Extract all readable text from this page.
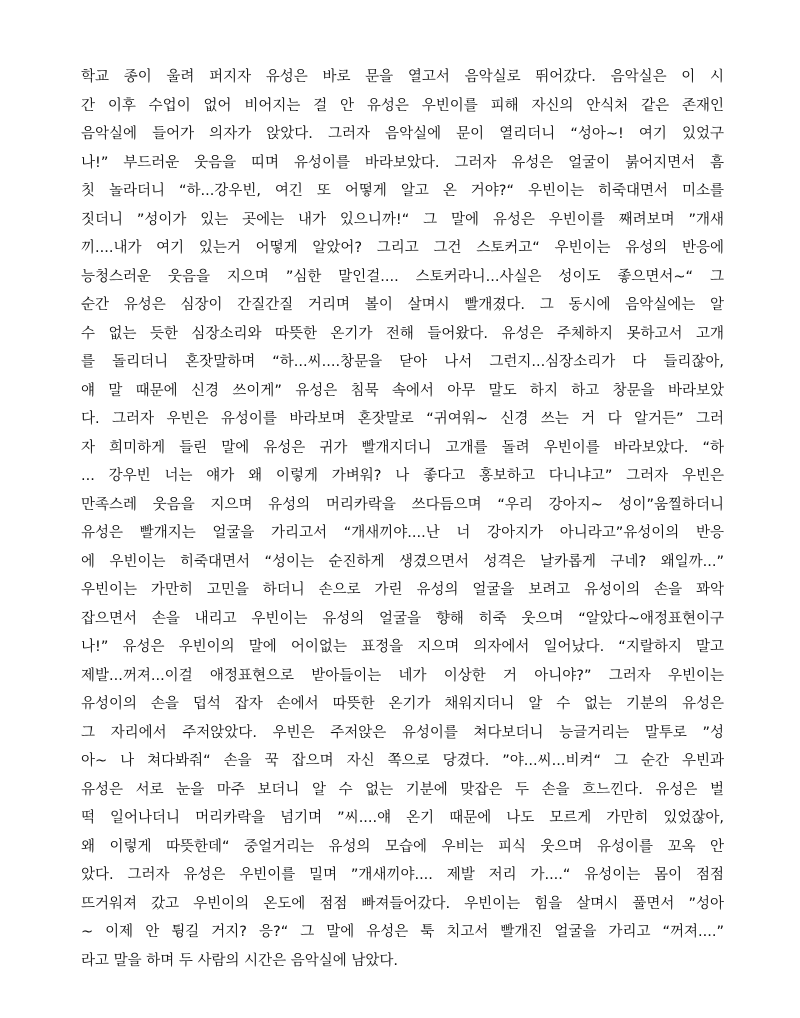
학교 종이 울려 퍼지자 유성은 바로 문을 열고서 음악실로 뛰어갔다. 음악실은 이 시
간 이후 수업이 없어 비어지는 걸 안 유성은 우빈이를 피해 자신의 안식처 같은 존재인
음악실에 들어가 의자가 앉았다. 그러자 음악실에 문이 열리더니 “성아~! 여기 있었구
나!” 부드러운 웃음을 띠며 유성이를 바라보았다. 그러자 유성은 얼굴이 붉어지면서 흠
칫 놀라더니 “하...강우빈, 여긴 또 어떻게 알고 온 거야?“ 우빈이는 히죽대면서 미소를
짓더니 ”성이가 있는 곳에는 내가 있으니까!“ 그 말에 유성은 우빈이를 째려보며 ”개새
끼....내가 여기 있는거 어떻게 알았어? 그리고 그건 스토커고“ 우빈이는 유성의 반응에
능청스러운 웃음을 지으며 ”심한 말인걸.... 스토커라니...사실은 성이도 좋으면서~“ 그
순간 유성은 심장이 간질간질 거리며 볼이 살며시 빨개졌다. 그 동시에 음악실에는 알
수 없는 듯한 심장소리와 따뜻한 온기가 전해 들어왔다. 유성은 주체하지 못하고서 고개
를 돌리더니 혼잣말하며 “하...씨....창문을 닫아 나서 그런지...심장소리가 다 들리잖아,
얘 말 때문에 신경 쓰이게” 유성은 침묵 속에서 아무 말도 하지 하고 창문을 바라보았
다. 그러자 우빈은 유성이를 바라보며 혼잣말로 “귀여워~ 신경 쓰는 거 다 알거든” 그러
자 희미하게 들린 말에 유성은 귀가 빨개지더니 고개를 돌려 우빈이를 바라보았다. “하
... 강우빈 너는 얘가 왜 이렇게 가벼워? 나 좋다고 홍보하고 다니냐고” 그러자 우빈은
만족스레 웃음을 지으며 유성의 머리카락을 쓰다듬으며 “우리 강아지~ 성이”움찔하더니
유성은 빨개지는 얼굴을 가리고서 “개새끼야....난 너 강아지가 아니라고”유성이의 반응
에 우빈이는 히죽대면서 “성이는 순진하게 생겼으면서 성격은 날카롭게 구네? 왜일까...”
우빈이는 가만히 고민을 하더니 손으로 가린 유성의 얼굴을 보려고 유성이의 손을 꽈악
잡으면서 손을 내리고 우빈이는 유성의 얼굴을 향해 히죽 웃으며 “알았다~애정표현이구
나!” 유성은 우빈이의 말에 어이없는 표정을 지으며 의자에서 일어났다. “지랄하지 말고
제발...꺼져...이걸 애정표현으로 받아들이는 네가 이상한 거 아니야?” 그러자 우빈이는
유성이의 손을 덥석 잡자 손에서 따뜻한 온기가 채워지더니 알 수 없는 기분의 유성은
그 자리에서 주저앉았다. 우빈은 주저앉은 유성이를 쳐다보더니 능글거리는 말투로 ”성
아~ 나 쳐다봐줘“ 손을 꾹 잡으며 자신 쪽으로 당겼다. ”야...씨...비켜“ 그 순간 우빈과
유성은 서로 눈을 마주 보더니 알 수 없는 기분에 맞잡은 두 손을 흐느낀다. 유성은 벌
떡 일어나더니 머리카락을 넘기며 ”씨....얘 온기 때문에 나도 모르게 가만히 있었잖아,
왜 이렇게 따뜻한데“ 중얼거리는 유성의 모습에 우비는 피식 웃으며 유성이를 꼬옥 안
았다. 그러자 유성은 우빈이를 밀며 ”개새끼야.... 제발 저리 가....“ 유성이는 몸이 점점
뜨거워져 갔고 우빈이의 온도에 점점 빠져들어갔다. 우빈이는 힘을 살며시 풀면서 ”성아
~ 이제 안 튕길 거지? 응?“ 그 말에 유성은 툭 치고서 빨개진 얼굴을 가리고 “꺼져....”
라고 말을 하며 두 사람의 시간은 음악실에 남았다.
